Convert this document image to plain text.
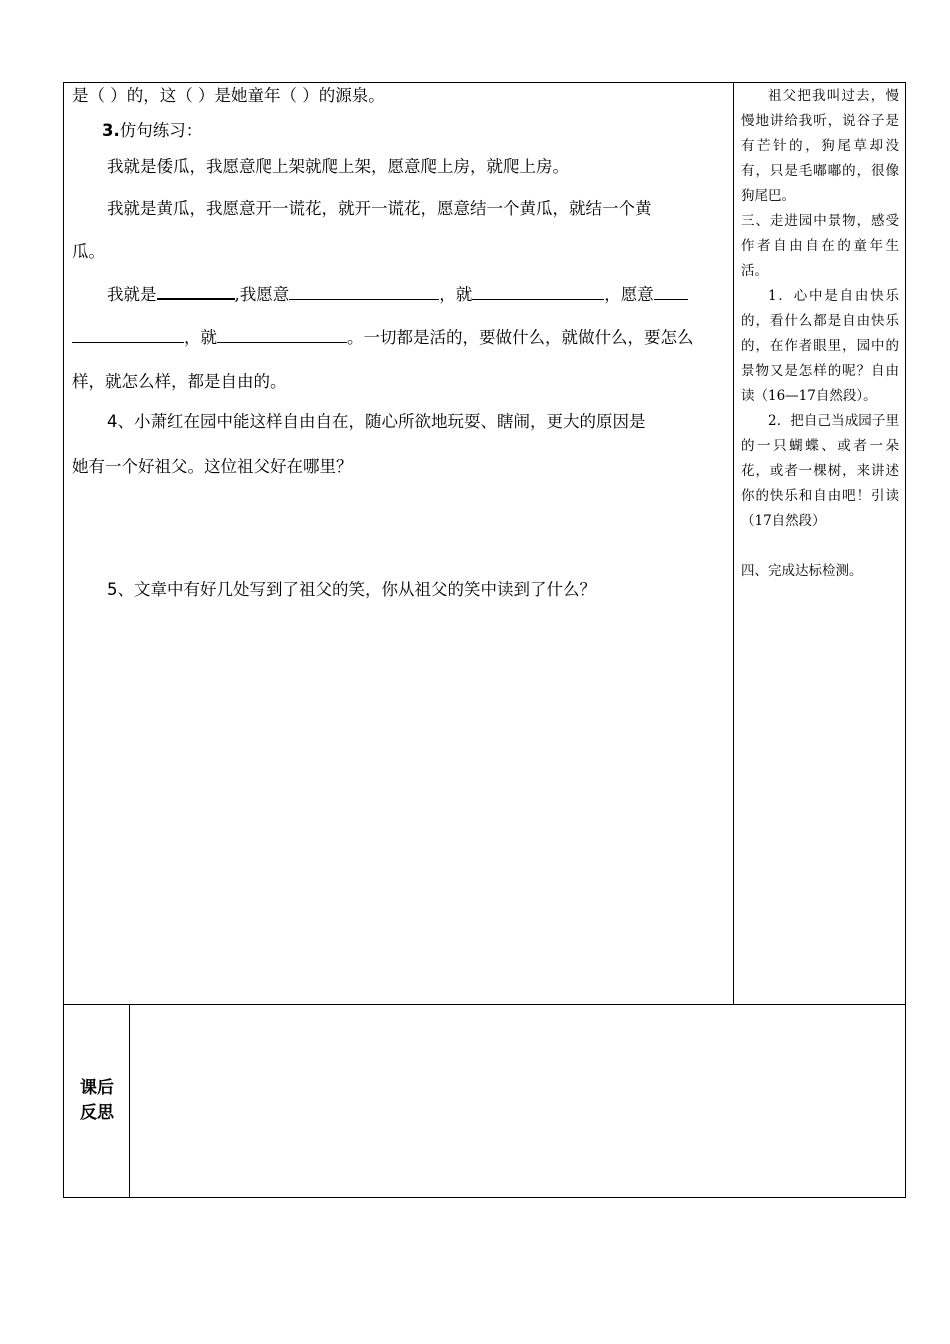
是（ ）的，这（ ）是她童年（ ）的源泉。
3.仿句练习：
我就是倭瓜，我愿意爬上架就爬上架，愿意爬上房，就爬上房。
我就是黄瓜，我愿意开一谎花，就开一谎花，愿意结一个黄瓜，就结一个黄
瓜。
我就是	,我愿意	，就	，愿意
，就	。一切都是活的，要做什么，就做什么，要怎么
样，就怎么样，都是自由的。
4、小萧红在园中能这样自由自在，随心所欲地玩耍、瞎闹，更大的原因是
她有一个好祖父。这位祖父好在哪里？
5、文章中有好几处写到了祖父的笑，你从祖父的笑中读到了什么？

祖父把我叫过去，慢慢地讲给我听，说谷子是有芒针的，狗尾草却没有，只是毛嘟嘟的，很像狗尾巴。

三、走进园中景物，感受作者自由自在的童年生活。

1．心中是自由快乐的，看什么都是自由快乐的，在作者眼里，园中的景物又是怎样的呢？自由读（16—17自然段）。

2．把自己当成园子里的一只蝴蝶、或者一朵花，或者一棵树，来讲述你的快乐和自由吧！引读（17自然段）

四、完成达标检测。

课后
反思
